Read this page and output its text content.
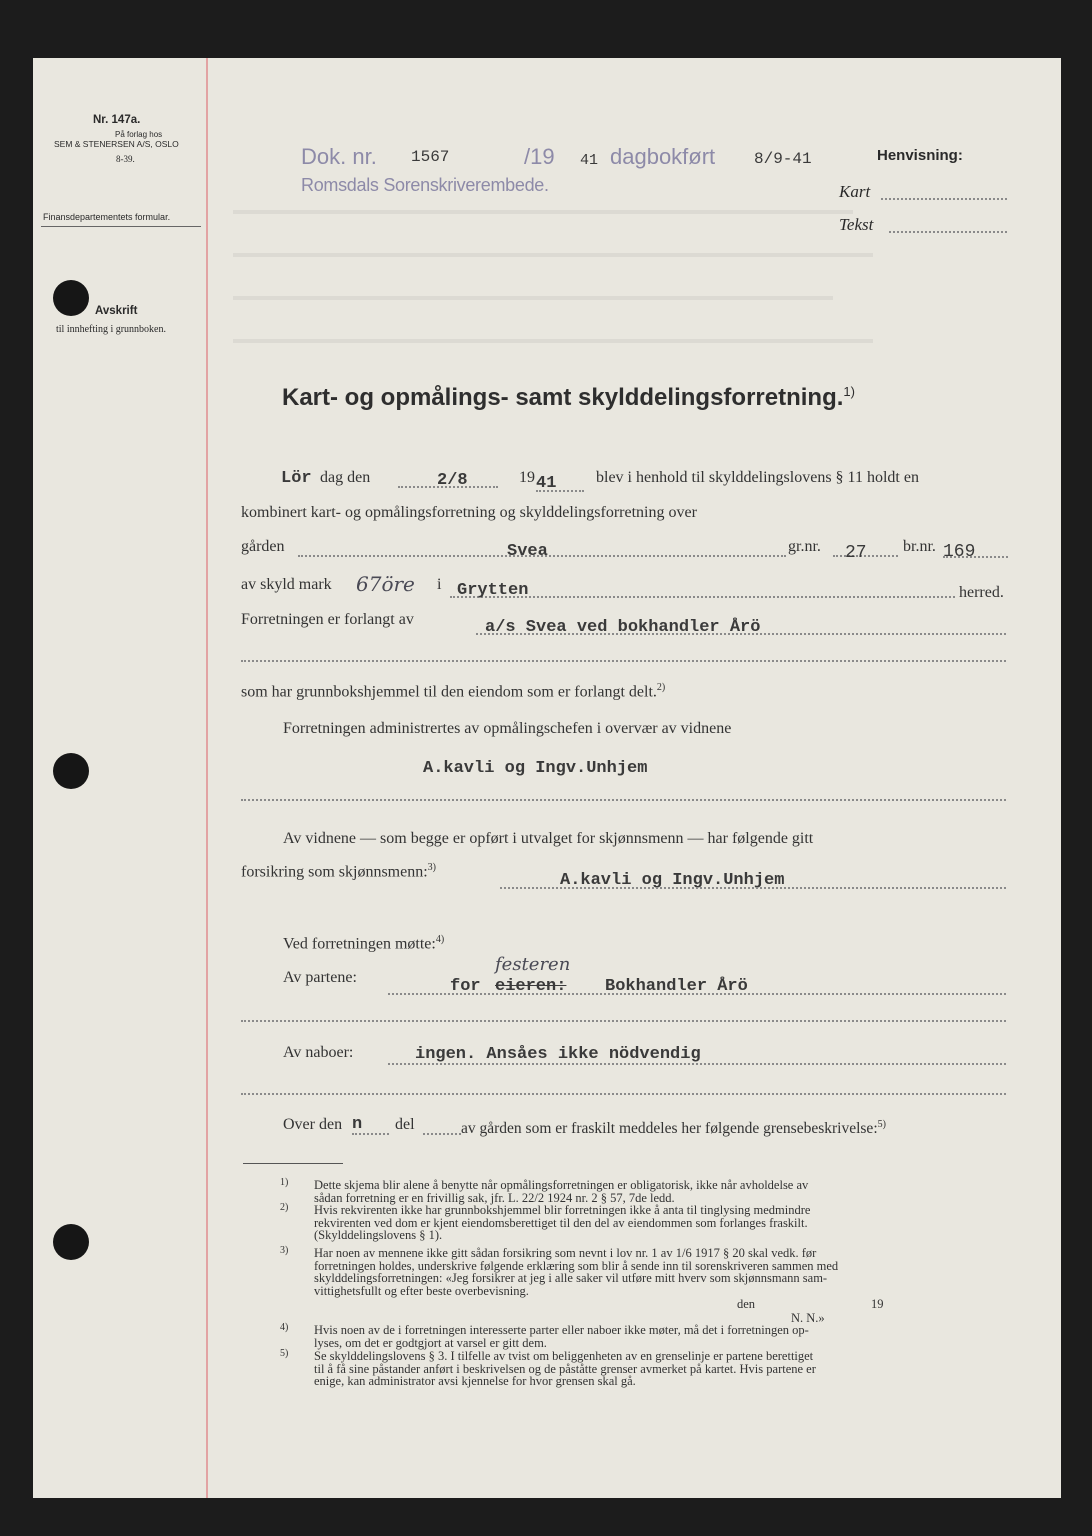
Nr. 147a.
På forlag hos
SEM & STENERSEN A/S, OSLO
8-39.
Finansdepartementets formular.
Avskrift
til innhefting i grunnboken.
Dok. nr. 1567	/19 41 dagbokført 8/9-41
Romsdals Sorenskriverembede.
Henvisning:
Kart
Tekst
Kart- og opmålings- samt skylddelingsforretning.$^{1)}$
Lör dag den	2/8	19 41 blev i henhold til skylddelingslovens § 11 holdt en
kombinert kart- og opmålingsforretning og skylddelingsforretning over
gården	Svea	gr.nr. 27 br.nr. 169
av skyld mark 67öre i Grytten	herred.
Forretningen er forlangt av	a/s Svea ved bokhandler Årö
som har grunnbokshjemmel til den eiendom som er forlangt delt.$^{2)}$
Forretningen administrertes av opmålingschefen i overvær av vidnene
A.kavli og Ingv.Unhjem
Av vidnene — som begge er opført i utvalget for skjønnsmenn — har følgende gitt
forsikring som skjønnsmenn:$^{3)}$
A.kavli og Ingv.Unhjem
Ved forretningen møtte:$^{4)}$
Av partene:	for eieren:
festeren
Bokhandler Årö
Av naboer:	ingen. Ansåes ikke nödvendig
Over den n del	av gården som er fraskilt meddeles her følgende grensebeskrivelse:$^{5)}$
1) Dette skjema blir alene å benytte når opmålingsforretningen er obligatorisk, ikke når avholdelse av
sådan forretning er en frivillig sak, jfr. L. 22/2 1924 nr. 2 § 57, 7de ledd.
2) Hvis rekvirenten ikke har grunnbokshjemmel blir forretningen ikke å anta til tinglysing medmindre
rekvirenten ved dom er kjent eiendomsberettiget til den del av eiendommen som forlanges fraskilt.
(Skylddelingslovens § 1).
3) Har noen av mennene ikke gitt sådan forsikring som nevnt i lov nr. 1 av 1/6 1917 § 20 skal vedk. før
forretningen holdes, underskrive følgende erklæring som blir å sende inn til sorenskriveren sammen med
skylddelingsforretningen: «Jeg forsikrer at jeg i alle saker vil utføre mitt hverv som skjønnsmann sam-
vittighetsfullt og efter beste overbevisning.
4) Hvis noen av de i forretningen interesserte parter eller naboer ikke møter, må det i forretningen op-
lyses, om det er godtgjort at varsel er gitt dem.
5) Se skylddelingslovens § 3. I tilfelle av tvist om beliggenheten av en grenselinje er partene berettiget
til å få sine påstander anført i beskrivelsen og de påståtte grenser avmerket på kartet. Hvis partene er
enige, kan administrator avsi kjennelse for hvor grensen skal gå.
den	19
N. N.»
